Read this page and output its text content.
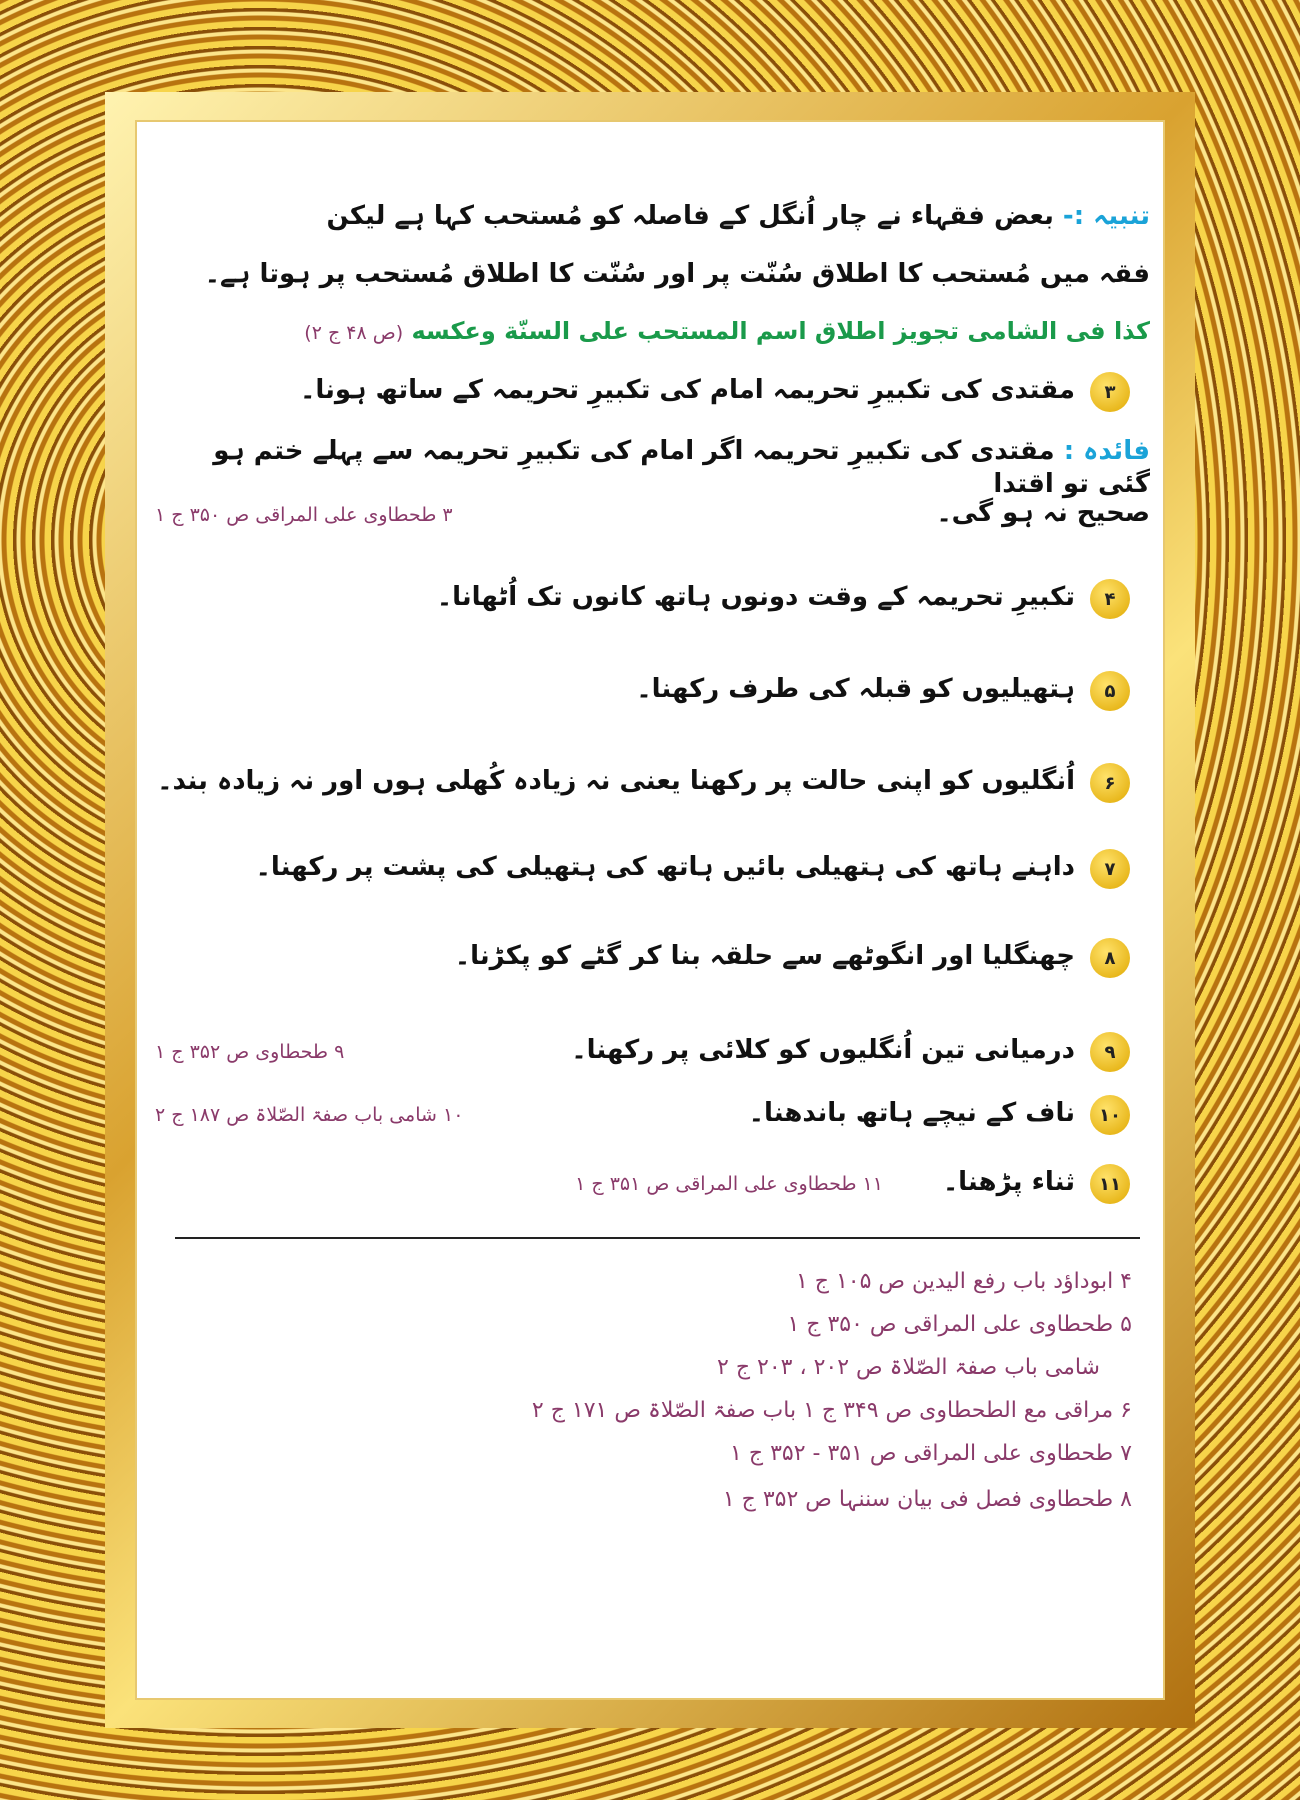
تنبیہ :- بعض فقہاء نے چار اُنگل کے فاصلہ کو مُستحب کہا ہے لیکن
فقہ میں مُستحب کا اطلاق سُنّت پر اور سُنّت کا اطلاق مُستحب پر ہوتا ہے۔
كذا فى الشامى تجويز اطلاق اسم المستحب على السنّة وعكسه (ص ۴۸ ج ۲)
۳
مقتدی کی تکبیرِ تحریمہ امام کی تکبیرِ تحریمہ کے ساتھ ہونا۔
فائدہ : مقتدی کی تکبیرِ تحریمہ اگر امام کی تکبیرِ تحریمہ سے پہلے ختم ہو گئی تو اقتدا
صحیح نہ ہو گی۔
۳ طحطاوی علی المراقی ص ۳۵۰ ج ۱
۴
تکبیرِ تحریمہ کے وقت دونوں ہاتھ کانوں تک اُٹھانا۔
۵
ہتھیلیوں کو قبلہ کی طرف رکھنا۔
۶
اُنگلیوں کو اپنی حالت پر رکھنا یعنی نہ زیادہ کُھلی ہوں اور نہ زیادہ بند۔
۷
داہنے ہاتھ کی ہتھیلی بائیں ہاتھ کی ہتھیلی کی پشت پر رکھنا۔
۸
چھنگلیا اور انگوٹھے سے حلقہ بنا کر گٹے کو پکڑنا۔
۹
درمیانی تین اُنگلیوں کو کلائی پر رکھنا۔
۹ طحطاوی ص ۳۵۲ ج ۱
۱۰
ناف کے نیچے ہاتھ باندھنا۔
۱۰ شامی باب صفۃ الصّلاۃ ص ۱۸۷ ج ۲
۱۱
ثناء پڑھنا۔
۱۱ طحطاوی علی المراقی ص ۳۵۱ ج ۱
۴ ابوداؤد باب رفع الیدین ص ۱۰۵ ج ۱
۵ طحطاوی علی المراقی ص ۳۵۰ ج ۱
شامی باب صفۃ الصّلاۃ ص ۲۰۲ ، ۲۰۳ ج ۲
۶ مراقی مع الطحطاوی ص ۳۴۹ ج ۱ باب صفۃ الصّلاۃ ص ۱۷۱ ج ۲
۷ طحطاوی علی المراقی ص ۳۵۱ - ۳۵۲ ج ۱
۸ طحطاوی فصل فی بیان سننہا ص ۳۵۲ ج ۱
